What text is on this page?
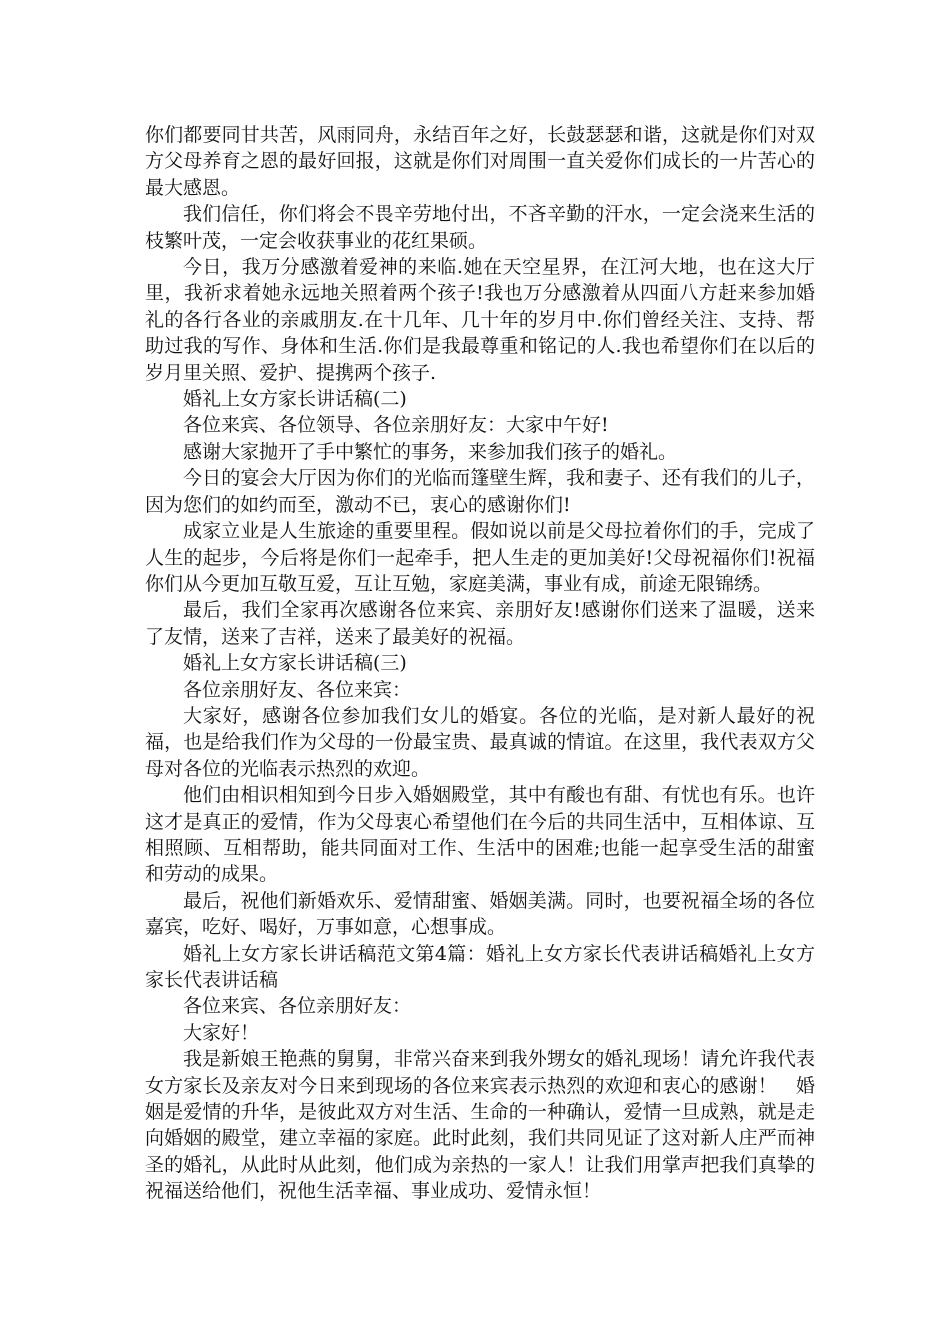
你们都要同甘共苦，风雨同舟，永结百年之好，长鼓瑟瑟和谐，这就是你们对双方父母养育之恩的最好回报，这就是你们对周围一直关爱你们成长的一片苦心的最大感恩。

我们信任，你们将会不畏辛劳地付出，不吝辛勤的汗水，一定会浇来生活的枝繁叶茂，一定会收获事业的花红果硕。

今日，我万分感激着爱神的来临.她在天空星界，在江河大地，也在这大厅里，我祈求着她永远地关照着两个孩子!我也万分感激着从四面八方赶来参加婚礼的各行各业的亲戚朋友.在十几年、几十年的岁月中.你们曾经关注、支持、帮助过我的写作、身体和生活.你们是我最尊重和铭记的人.我也希望你们在以后的岁月里关照、爱护、提携两个孩子.

婚礼上女方家长讲话稿(二)

各位来宾、各位领导、各位亲朋好友：大家中午好!

感谢大家抛开了手中繁忙的事务，来参加我们孩子的婚礼。

今日的宴会大厅因为你们的光临而篷壁生辉，我和妻子、还有我们的儿子，因为您们的如约而至，激动不已，衷心的感谢你们!

成家立业是人生旅途的重要里程。假如说以前是父母拉着你们的手，完成了人生的起步，今后将是你们一起牵手，把人生走的更加美好!父母祝福你们!祝福你们从今更加互敬互爱，互让互勉，家庭美满，事业有成，前途无限锦绣。

最后，我们全家再次感谢各位来宾、亲朋好友!感谢你们送来了温暖，送来了友情，送来了吉祥，送来了最美好的祝福。

婚礼上女方家长讲话稿(三)

各位亲朋好友、各位来宾：

大家好，感谢各位参加我们女儿的婚宴。各位的光临，是对新人最好的祝福，也是给我们作为父母的一份最宝贵、最真诚的情谊。在这里，我代表双方父母对各位的光临表示热烈的欢迎。

他们由相识相知到今日步入婚姻殿堂，其中有酸也有甜、有忧也有乐。也许这才是真正的爱情，作为父母衷心希望他们在今后的共同生活中，互相体谅、互相照顾、互相帮助，能共同面对工作、生活中的困难;也能一起享受生活的甜蜜和劳动的成果。

最后，祝他们新婚欢乐、爱情甜蜜、婚姻美满。同时，也要祝福全场的各位嘉宾，吃好、喝好，万事如意，心想事成。

婚礼上女方家长讲话稿范文第4篇：婚礼上女方家长代表讲话稿婚礼上女方家长代表讲话稿

各位来宾、各位亲朋好友：

大家好！

我是新娘王艳燕的舅舅，非常兴奋来到我外甥女的婚礼现场！请允许我代表女方家长及亲友对今日来到现场的各位来宾表示热烈的欢迎和衷心的感谢！　婚姻是爱情的升华，是彼此双方对生活、生命的一种确认，爱情一旦成熟，就是走向婚姻的殿堂，建立幸福的家庭。此时此刻，我们共同见证了这对新人庄严而神圣的婚礼，从此时从此刻，他们成为亲热的一家人！让我们用掌声把我们真挚的祝福送给他们，祝他生活幸福、事业成功、爱情永恒！
